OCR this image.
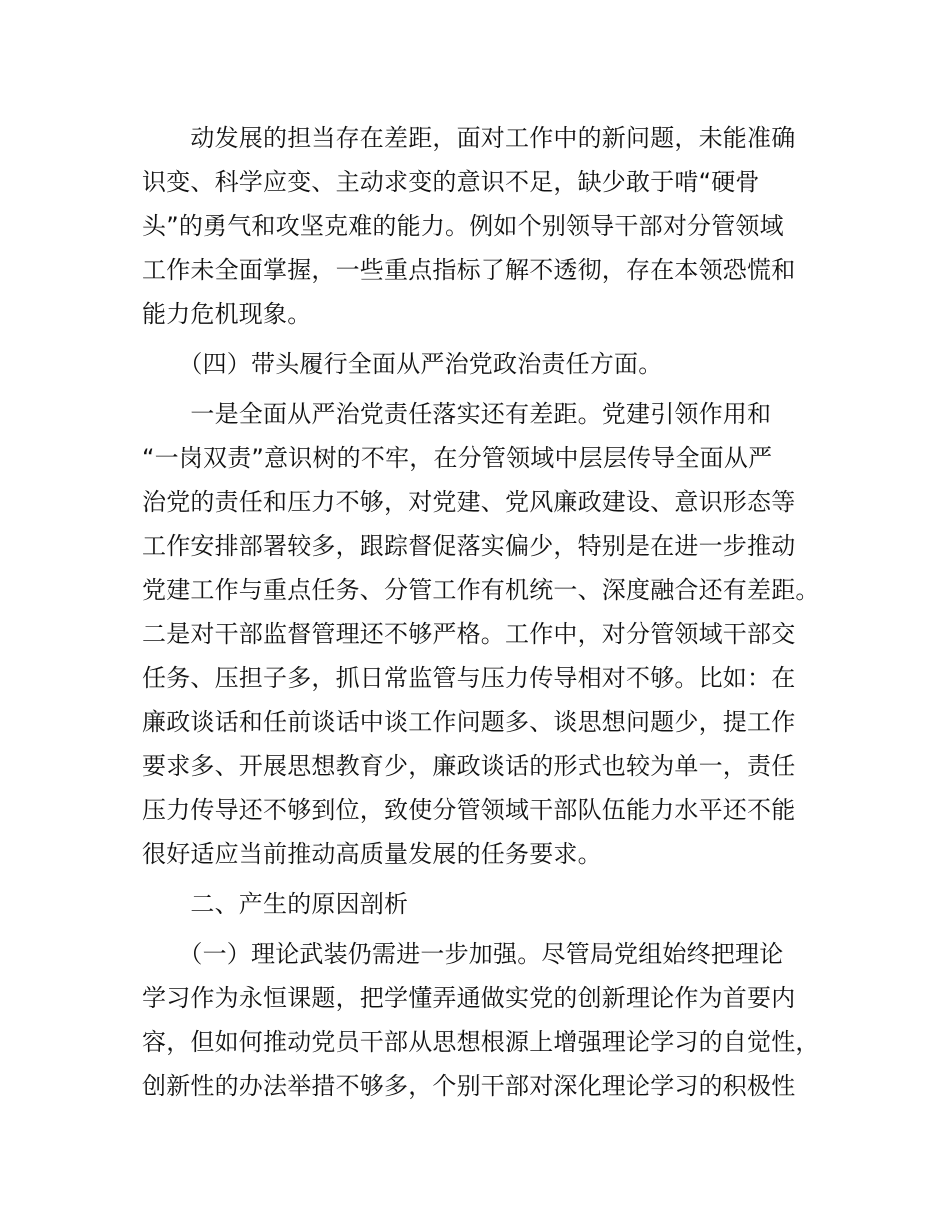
　　动发展的担当存在差距，面对工作中的新问题，未能准确
识变、科学应变、主动求变的意识不足，缺少敢于啃“硬骨
头”的勇气和攻坚克难的能力。例如个别领导干部对分管领域
工作未全面掌握，一些重点指标了解不透彻，存在本领恐慌和
能力危机现象。
　　（四）带头履行全面从严治党政治责任方面。
　　一是全面从严治党责任落实还有差距。党建引领作用和
“一岗双责”意识树的不牢，在分管领域中层层传导全面从严
治党的责任和压力不够，对党建、党风廉政建设、意识形态等
工作安排部署较多，跟踪督促落实偏少，特别是在进一步推动
党建工作与重点任务、分管工作有机统一、深度融合还有差距。
二是对干部监督管理还不够严格。工作中，对分管领域干部交
任务、压担子多，抓日常监管与压力传导相对不够。比如：在
廉政谈话和任前谈话中谈工作问题多、谈思想问题少，提工作
要求多、开展思想教育少，廉政谈话的形式也较为单一，责任
压力传导还不够到位，致使分管领域干部队伍能力水平还不能
很好适应当前推动高质量发展的任务要求。
　　二、产生的原因剖析
　　（一）理论武装仍需进一步加强。尽管局党组始终把理论
学习作为永恒课题，把学懂弄通做实党的创新理论作为首要内
容，但如何推动党员干部从思想根源上增强理论学习的自觉性，
创新性的办法举措不够多，个别干部对深化理论学习的积极性
